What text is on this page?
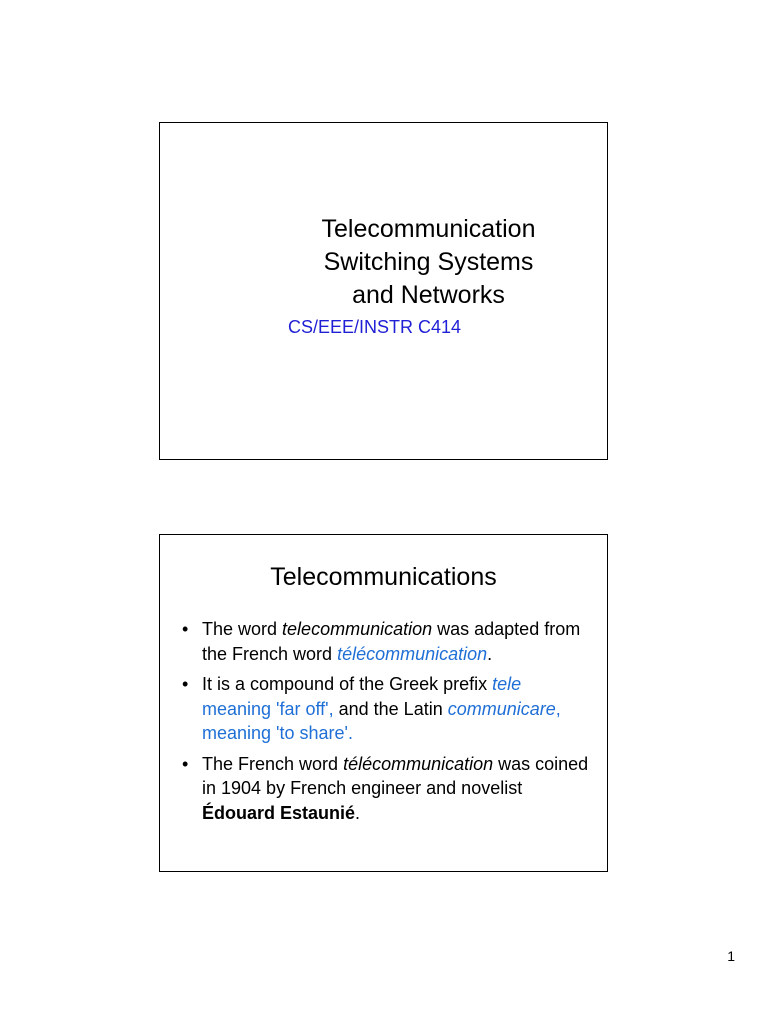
Telecommunication
Switching Systems
and Networks
CS/EEE/INSTR C414
Telecommunications
• The word telecommunication was adapted from the French word télécommunication.
• It is a compound of the Greek prefix tele meaning 'far off', and the Latin communicare, meaning 'to share'.
• The French word télécommunication was coined in 1904 by French engineer and novelist Édouard Estaunié.
1
